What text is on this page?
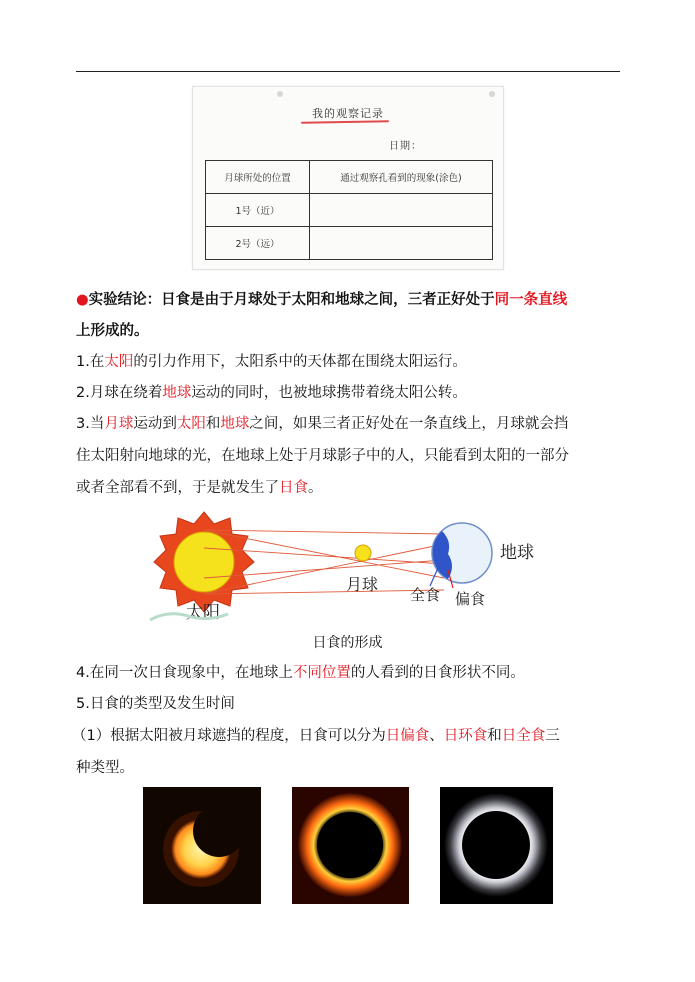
我的观察记录
日期：
月球所处的位置	通过观察孔看到的现象(涂色)
1号（近）	
2号（远）	
●实验结论：日食是由于月球处于太阳和地球之间，三者正好处于同一条直线
上形成的。
1.在太阳的引力作用下，太阳系中的天体都在围绕太阳运行。
2.月球在绕着地球运动的同时，也被地球携带着绕太阳公转。
3.当月球运动到太阳和地球之间，如果三者正好处在一条直线上，月球就会挡
住太阳射向地球的光，在地球上处于月球影子中的人，只能看到太阳的一部分
或者全部看不到，于是就发生了日食。
地球
月球
全食 偏食
太阳
日食的形成
4.在同一次日食现象中，在地球上不同位置的人看到的日食形状不同。
5.日食的类型及发生时间
（1）根据太阳被月球遮挡的程度，日食可以分为日偏食、日环食和日全食三
种类型。
